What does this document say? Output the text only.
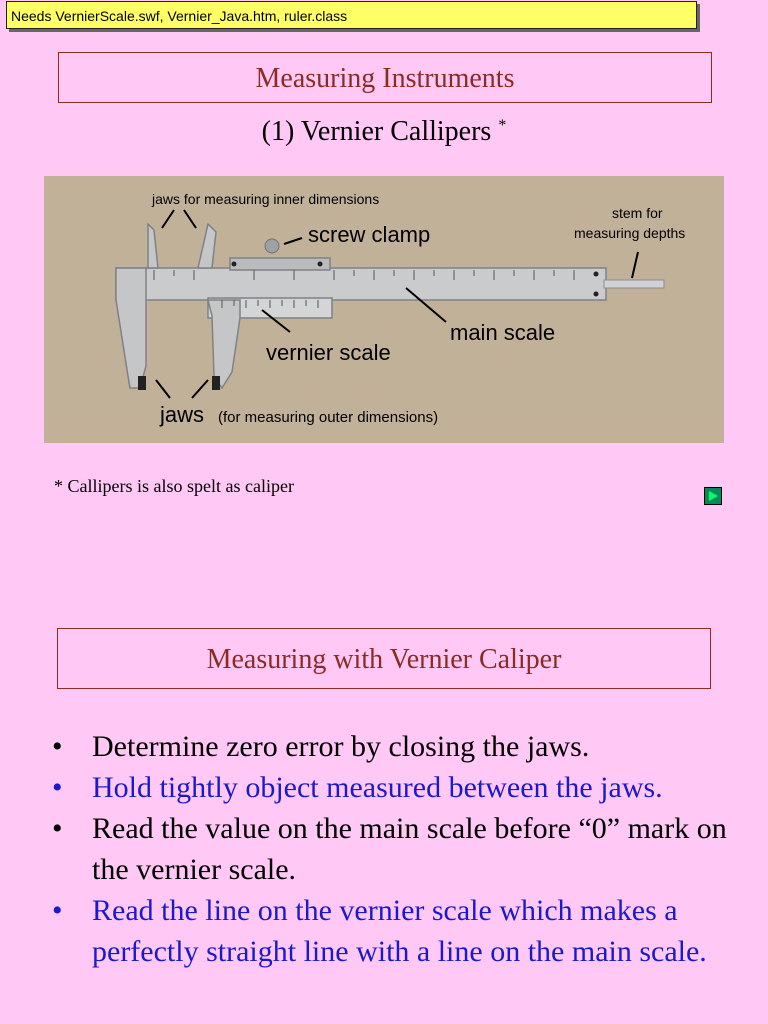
Needs VernierScale.swf, Vernier_Java.htm, ruler.class
Measuring Instruments
(1) Vernier Callipers *
jaws for measuring inner dimensions
screw clamp
stem for
measuring depths
main scale
vernier scale
jaws (for measuring outer dimensions)
* Callipers is also spelt as caliper
Measuring with Vernier Caliper
• Determine zero error by closing the jaws.
• Hold tightly object measured between the jaws.
• Read the value on the main scale before “0” mark on the vernier scale.
• Read the line on the vernier scale which makes a perfectly straight line with a line on the main scale.
